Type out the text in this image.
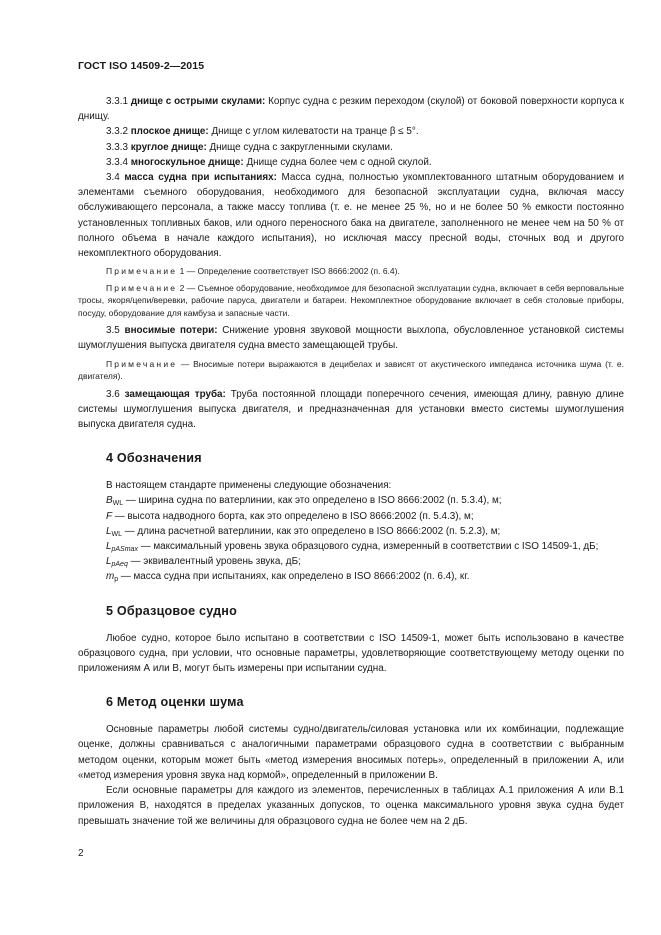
ГОСТ ISO 14509-2—2015

3.3.1 днище с острыми скулами: Корпус судна с резким переходом (скулой) от боковой поверхности корпуса к днищу.

3.3.2 плоское днище: Днище с углом килеватости на транце β ≤ 5°.

3.3.3 круглое днище: Днище судна с закругленными скулами.

3.3.4 многоскульное днище: Днище судна более чем с одной скулой.

3.4 масса судна при испытаниях: Масса судна, полностью укомплектованного штатным оборудованием и элементами съемного оборудования, необходимого для безопасной эксплуатации судна, включая массу обслуживающего персонала, а также массу топлива (т. е. не менее 25 %, но и не более 50 % емкости постоянно установленных топливных баков, или одного переносного бака на двигателе, заполненного не менее чем на 50 % от полного объема в начале каждого испытания), но исключая массу пресной воды, сточных вод и другого некомплектного оборудования.

Примечание 1 — Определение соответствует ISO 8666:2002 (п. 6.4).

Примечание 2 — Съемное оборудование, необходимое для безопасной эксплуатации судна, включает в себя верповальные тросы, якоря/цепи/веревки, рабочие паруса, двигатели и батареи. Некомплектное оборудование включает в себя столовые приборы, посуду, оборудование для камбуза и запасные части.

3.5 вносимые потери: Снижение уровня звуковой мощности выхлопа, обусловленное установкой системы шумоглушения выпуска двигателя судна вместо замещающей трубы.

Примечание — Вносимые потери выражаются в децибелах и зависят от акустического импеданса источника шума (т. е. двигателя).

3.6 замещающая труба: Труба постоянной площади поперечного сечения, имеющая длину, равную длине системы шумоглушения выпуска двигателя, и предназначенная для установки вместо системы шумоглушения выпуска двигателя судна.

4 Обозначения

В настоящем стандарте применены следующие обозначения:

$B_{WL}$ — ширина судна по ватерлинии, как это определено в ISO 8666:2002 (п. 5.3.4), м;

F — высота надводного борта, как это определено в ISO 8666:2002 (п. 5.4.3), м;

$L_{WL}$ — длина расчетной ватерлинии, как это определено в ISO 8666:2002 (п. 5.2.3), м;

$L_{pASmax}$ — максимальный уровень звука образцового судна, измеренный в соответствии с ISO 14509-1, дБ;

$L_{pAeq}$ — эквивалентный уровень звука, дБ;

$m_p$ — масса судна при испытаниях, как определено в ISO 8666:2002 (п. 6.4), кг.

5 Образцовое судно

Любое судно, которое было испытано в соответствии с ISO 14509-1, может быть использовано в качестве образцового судна, при условии, что основные параметры, удовлетворяющие соответствующему методу оценки по приложениям А или В, могут быть измерены при испытании судна.

6 Метод оценки шума

Основные параметры любой системы судно/двигатель/силовая установка или их комбинации, подлежащие оценке, должны сравниваться с аналогичными параметрами образцового судна в соответствии с выбранным методом оценки, которым может быть «метод измерения вносимых потерь», определенный в приложении А, или «метод измерения уровня звука над кормой», определенный в приложении В.

Если основные параметры для каждого из элементов, перечисленных в таблицах А.1 приложения А или В.1 приложения В, находятся в пределах указанных допусков, то оценка максимального уровня звука судна будет превышать значение той же величины для образцового судна не более чем на 2 дБ.

2
